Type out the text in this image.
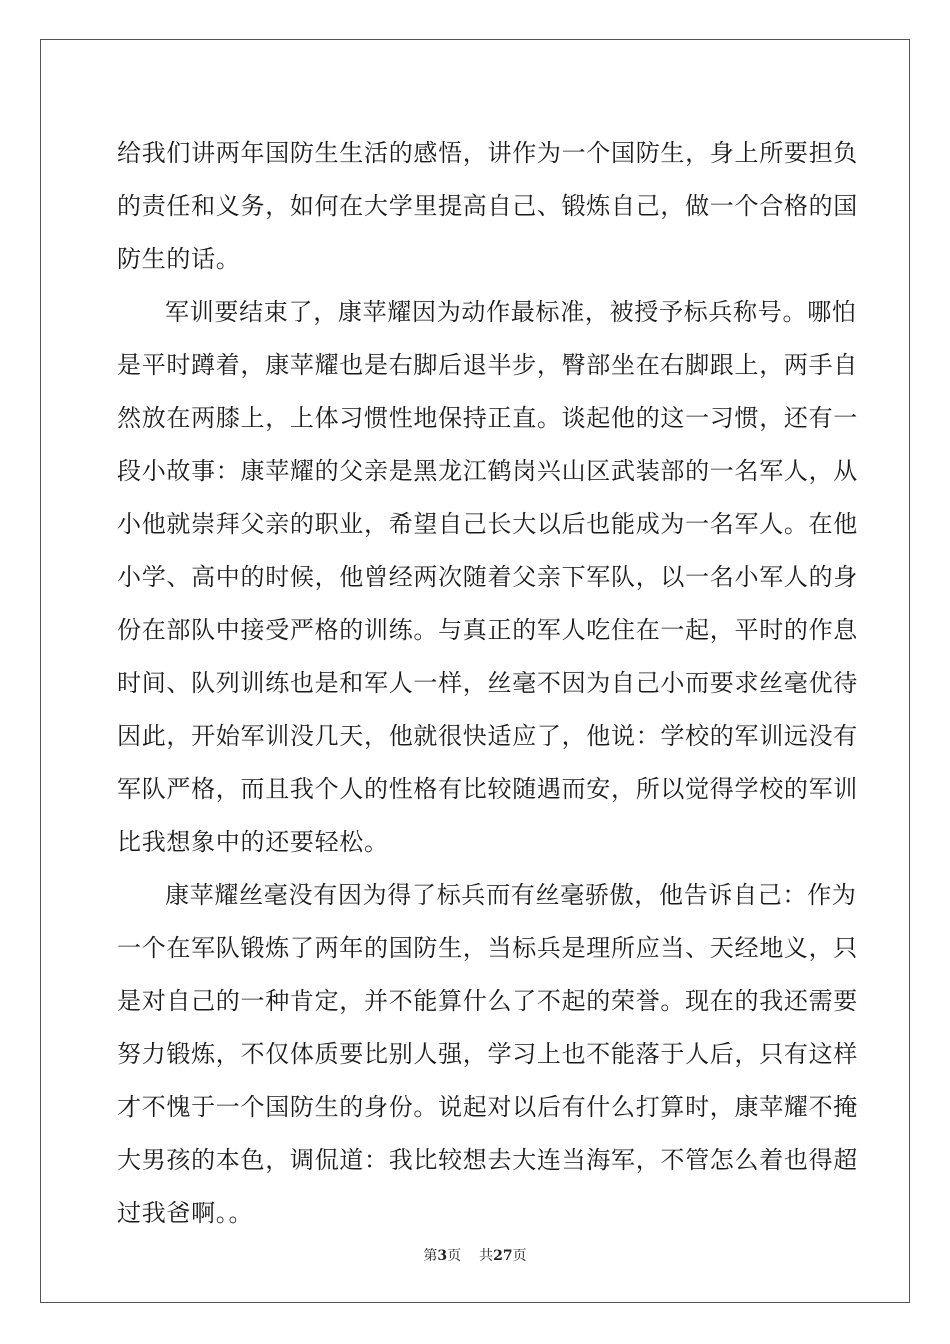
给我们讲两年国防生生活的感悟，讲作为一个国防生，身上所要担负
的责任和义务，如何在大学里提高自己、锻炼自己，做一个合格的国
防生的话。
军训要结束了，康苹耀因为动作最标准，被授予标兵称号。哪怕
是平时蹲着，康苹耀也是右脚后退半步，臀部坐在右脚跟上，两手自
然放在两膝上，上体习惯性地保持正直。谈起他的这一习惯，还有一
段小故事：康苹耀的父亲是黑龙江鹤岗兴山区武装部的一名军人，从
小他就崇拜父亲的职业，希望自己长大以后也能成为一名军人。在他
小学、高中的时候，他曾经两次随着父亲下军队，以一名小军人的身
份在部队中接受严格的训练。与真正的军人吃住在一起，平时的作息
时间、队列训练也是和军人一样，丝毫不因为自己小而要求丝毫优待
因此，开始军训没几天，他就很快适应了，他说：学校的军训远没有
军队严格，而且我个人的性格有比较随遇而安，所以觉得学校的军训
比我想象中的还要轻松。
康苹耀丝毫没有因为得了标兵而有丝毫骄傲，他告诉自己：作为
一个在军队锻炼了两年的国防生，当标兵是理所应当、天经地义，只
是对自己的一种肯定，并不能算什么了不起的荣誉。现在的我还需要
努力锻炼，不仅体质要比别人强，学习上也不能落于人后，只有这样
才不愧于一个国防生的身份。说起对以后有什么打算时，康苹耀不掩
大男孩的本色，调侃道：我比较想去大连当海军，不管怎么着也得超
过我爸啊。。
第3页 共27页
